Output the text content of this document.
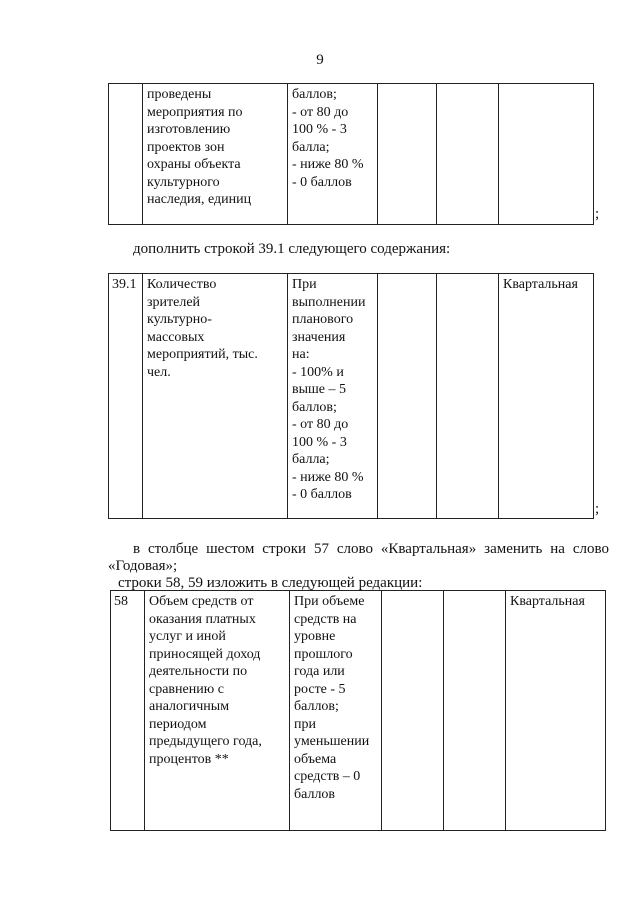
9
	проведены
мероприятия по
изготовлению
проектов зон
охраны объекта
культурного
наследия, единиц	баллов;
- от 80 до
100 % - 3
балла;
- ниже 80 %
- 0 баллов			
;
дополнить строкой 39.1 следующего содержания:
39.1	Количество
зрителей
культурно-
массовых
мероприятий, тыс.
чел.	При
выполнении
планового
значения
на:
- 100% и
выше – 5
баллов;
- от 80 до
100 % - 3
балла;
- ниже 80 %
- 0 баллов			Квартальная
;
в столбце шестом строки 57 слово «Квартальная» заменить на слово
«Годовая»;
строки 58, 59 изложить в следующей редакции:
58	Объем средств от
оказания платных
услуг и иной
приносящей доход
деятельности по
сравнению с
аналогичным
периодом
предыдущего года,
процентов **	При объеме
средств на
уровне
прошлого
года или
росте - 5
баллов;
при
уменьшении
объема
средств – 0
баллов			Квартальная
